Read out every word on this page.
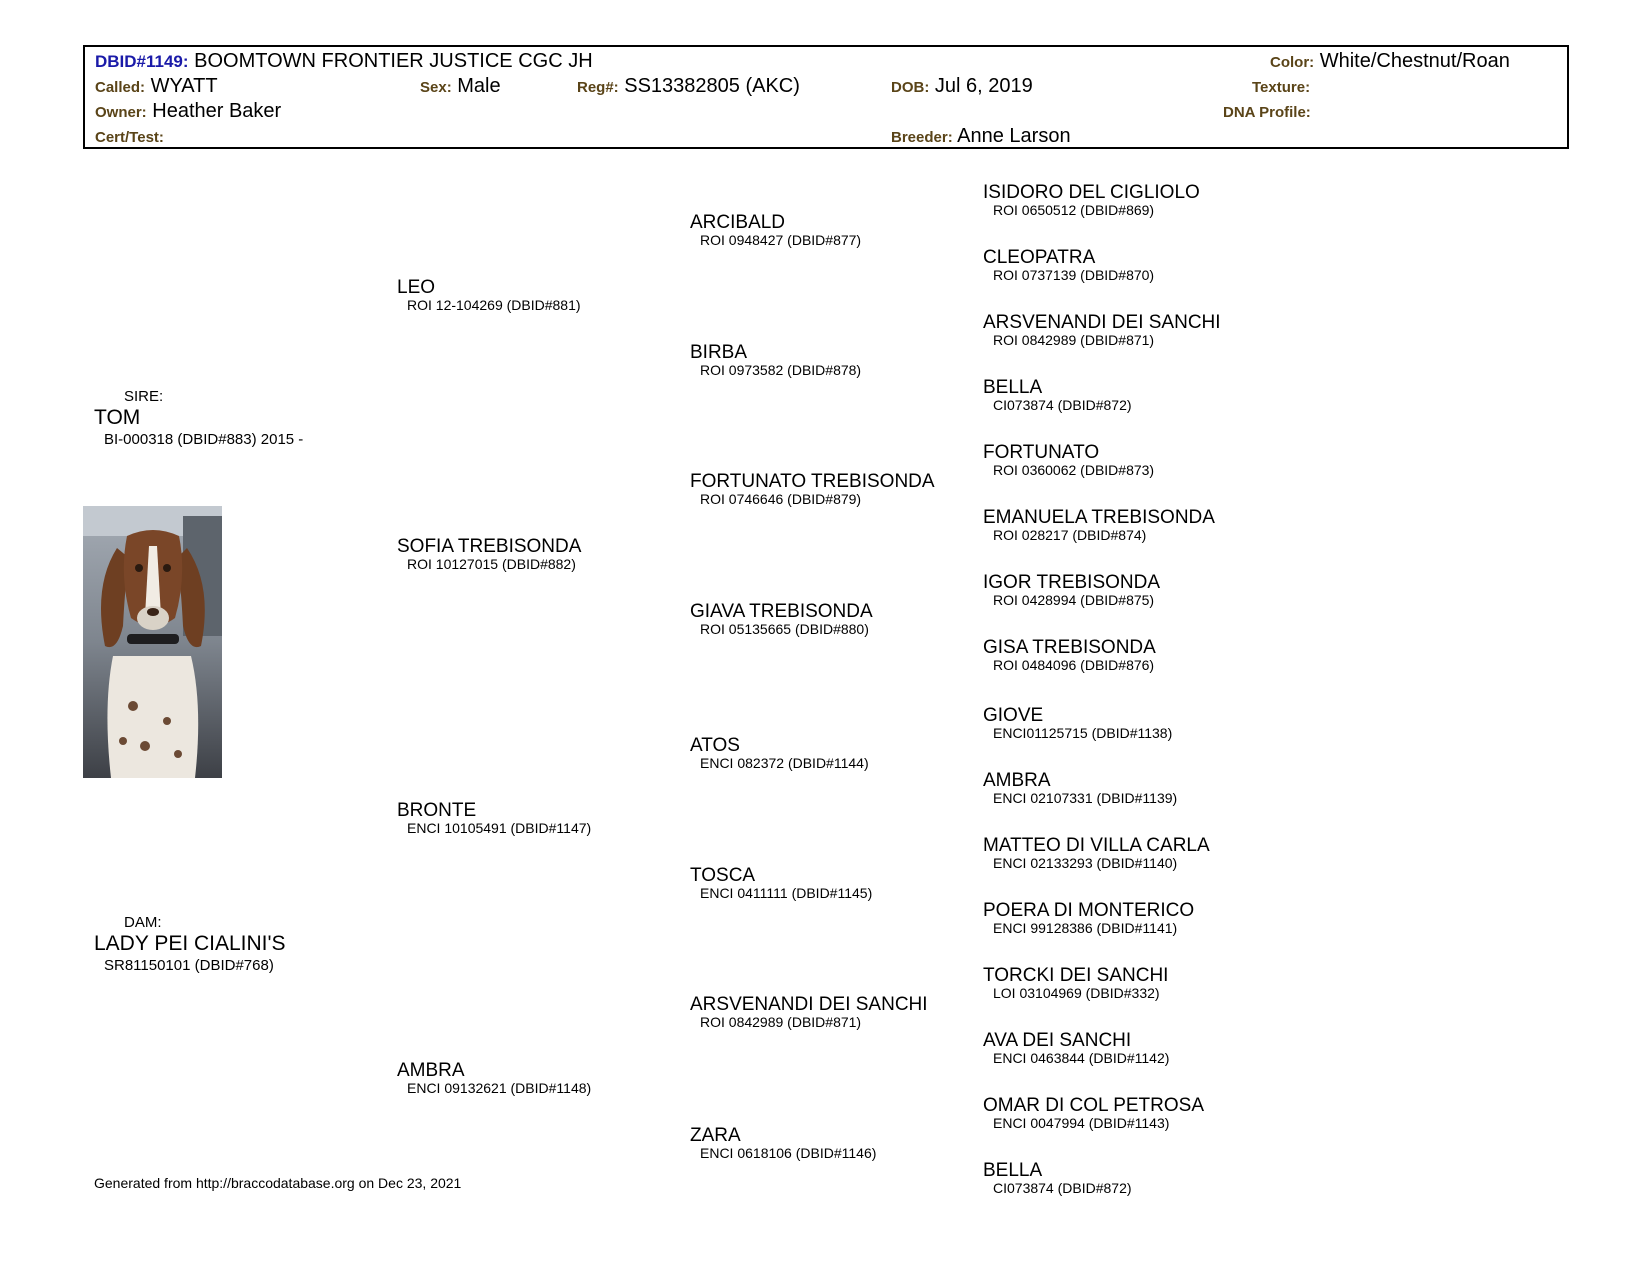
DBID#1149: BOOMTOWN FRONTIER JUSTICE CGC JH
Called: WYATT	Sex: Male	Reg#: SS13382805 (AKC)	DOB: Jul 6, 2019
Owner: Heather Baker
Cert/Test:	Breeder: Anne Larson
Color: White/Chestnut/Roan
Texture:
DNA Profile:
SIRE:
TOM
BI-000318 (DBID#883) 2015 -
DAM:
LADY PEI CIALINI'S
SR81150101 (DBID#768)
LEO
ROI 12-104269 (DBID#881)
SOFIA TREBISONDA
ROI 10127015 (DBID#882)
BRONTE
ENCI 10105491 (DBID#1147)
AMBRA
ENCI 09132621 (DBID#1148)
ARCIBALD
ROI 0948427 (DBID#877)
BIRBA
ROI 0973582 (DBID#878)
FORTUNATO TREBISONDA
ROI 0746646 (DBID#879)
GIAVA TREBISONDA
ROI 05135665 (DBID#880)
ATOS
ENCI 082372 (DBID#1144)
TOSCA
ENCI 0411111 (DBID#1145)
ARSVENANDI DEI SANCHI
ROI 0842989 (DBID#871)
ZARA
ENCI 0618106 (DBID#1146)
ISIDORO DEL CIGLIOLO
ROI 0650512 (DBID#869)
CLEOPATRA
ROI 0737139 (DBID#870)
ARSVENANDI DEI SANCHI
ROI 0842989 (DBID#871)
BELLA
CI073874 (DBID#872)
FORTUNATO
ROI 0360062 (DBID#873)
EMANUELA TREBISONDA
ROI 028217 (DBID#874)
IGOR TREBISONDA
ROI 0428994 (DBID#875)
GISA TREBISONDA
ROI 0484096 (DBID#876)
GIOVE
ENCI01125715 (DBID#1138)
AMBRA
ENCI 02107331 (DBID#1139)
MATTEO DI VILLA CARLA
ENCI 02133293 (DBID#1140)
POERA DI MONTERICO
ENCI 99128386 (DBID#1141)
TORCKI DEI SANCHI
LOI 03104969 (DBID#332)
AVA DEI SANCHI
ENCI 0463844 (DBID#1142)
OMAR DI COL PETROSA
ENCI 0047994 (DBID#1143)
BELLA
CI073874 (DBID#872)
Generated from http://braccodatabase.org on Dec 23, 2021
